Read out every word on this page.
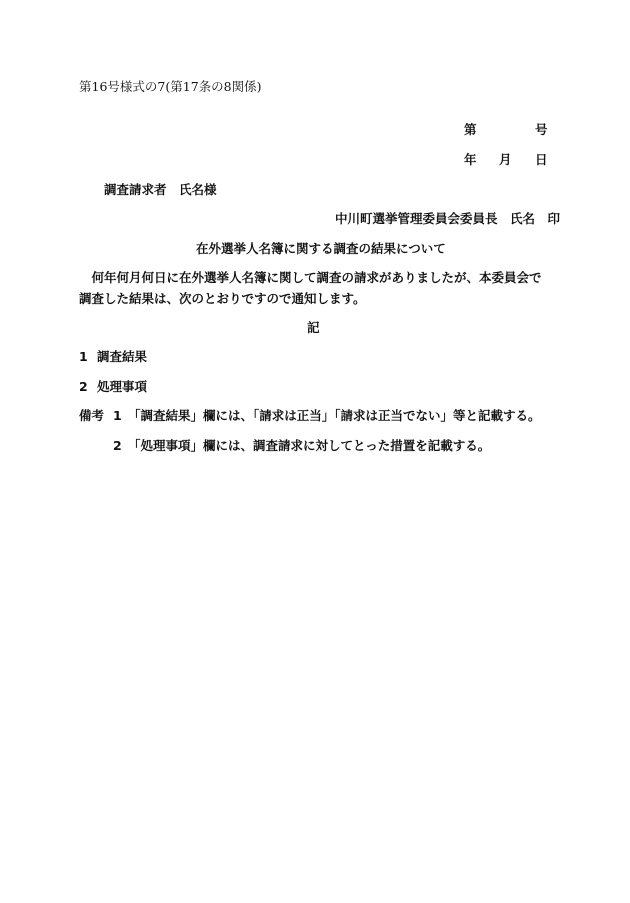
第16号様式の7(第17条の8関係)

第	号

年 月 日

調査請求者　氏名様

中川町選挙管理委員会委員長　氏名　印

在外選挙人名簿に関する調査の結果について

何年何月何日に在外選挙人名簿に関して調査の請求がありましたが、本委員会で調査した結果は、次のとおりですので通知します。

記

1 調査結果

2 処理事項

備考 1 「調査結果」欄には、「請求は正当」「請求は正当でない」等と記載する。

2 「処理事項」欄には、調査請求に対してとった措置を記載する。
